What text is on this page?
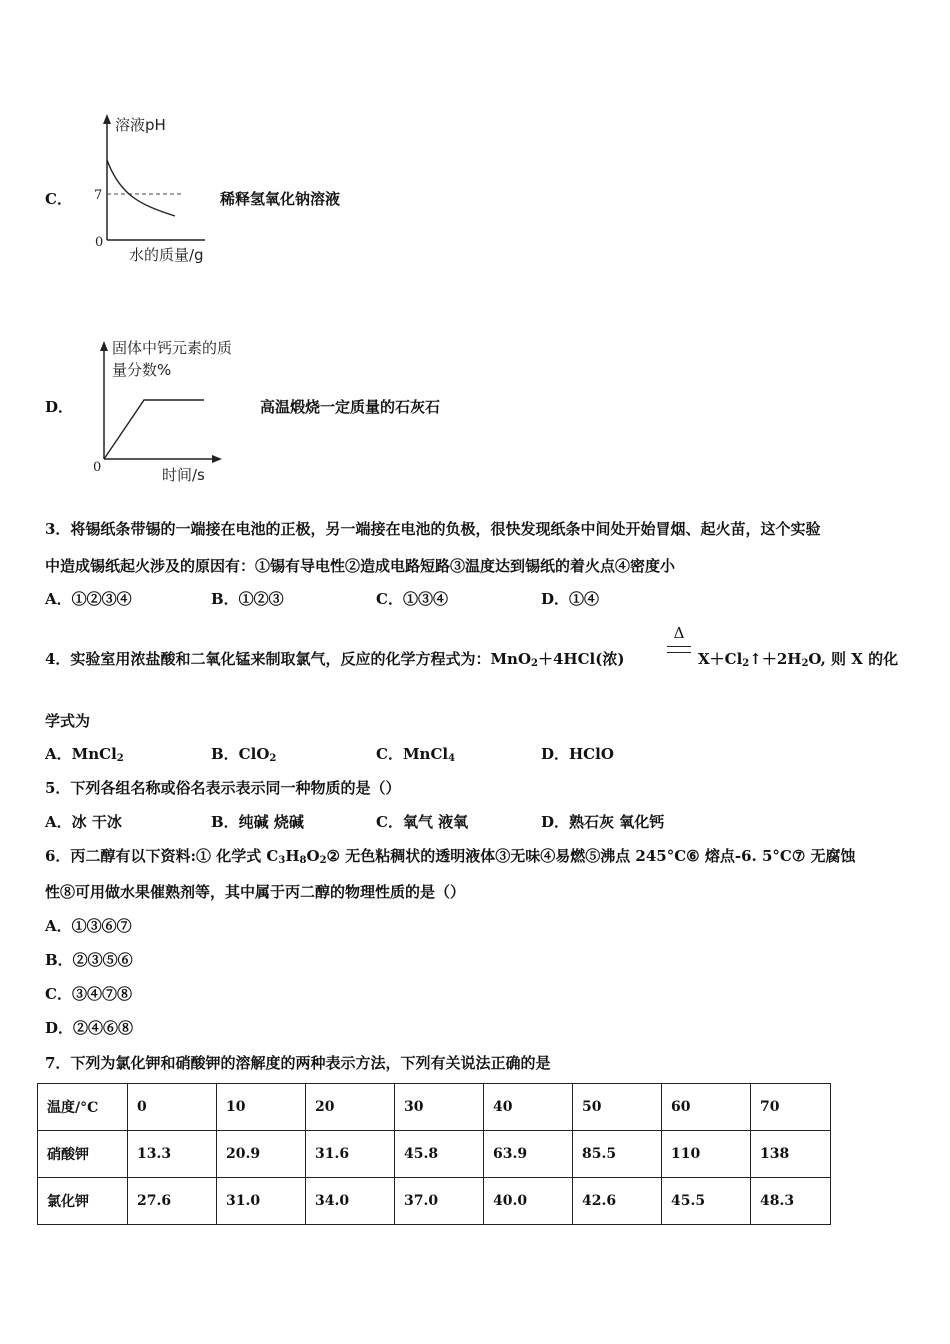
C．
溶液pH
7
0
水的质量/g
稀释氢氧化钠溶液
D．
固体中钙元素的质
量分数%
0	时间/s
高温煅烧一定质量的石灰石
3．将锡纸条带锡的一端接在电池的正极，另一端接在电池的负极，很快发现纸条中间处开始冒烟、起火苗，这个实验
中造成锡纸起火涉及的原因有：①锡有导电性②造成电路短路③温度达到锡纸的着火点④密度小
A．①②③④	B．①②③	C．①③④	D．①④
4．实验室用浓盐酸和二氧化锰来制取氯气，反应的化学方程式为：MnO$_2$＋4HCl(浓)
Δ
$X+Cl_2↑+2H_2O$, 则 X 的化
学式为
A．MnCl$_2$	B．ClO$_2$	C．MnCl$_4$	D．HClO
5．下列各组名称或俗名表示表示同一种物质的是（）
A．冰 干冰	B．纯碱 烧碱	C．氧气 液氧	D．熟石灰 氧化钙
6．丙二醇有以下资料:① 化学式 $C_3H_8O_2②$ 无色粘稠状的透明液体③无味④易燃⑤沸点 245°C⑥ 熔点-6. 5°C⑦ 无腐蚀
性⑧可用做水果催熟剂等，其中属于丙二醇的物理性质的是（）
A．①③⑥⑦
B．②③⑤⑥
C．③④⑦⑧
D．②④⑥⑧
7．下列为氯化钾和硝酸钾的溶解度的两种表示方法，下列有关说法正确的是
温度/°C	0	10	20	30	40	50	60	70
硝酸钾	13.3	20.9	31.6	45.8	63.9	85.5	110	138
氯化钾	27.6	31.0	34.0	37.0	40.0	42.6	45.5	48.3
